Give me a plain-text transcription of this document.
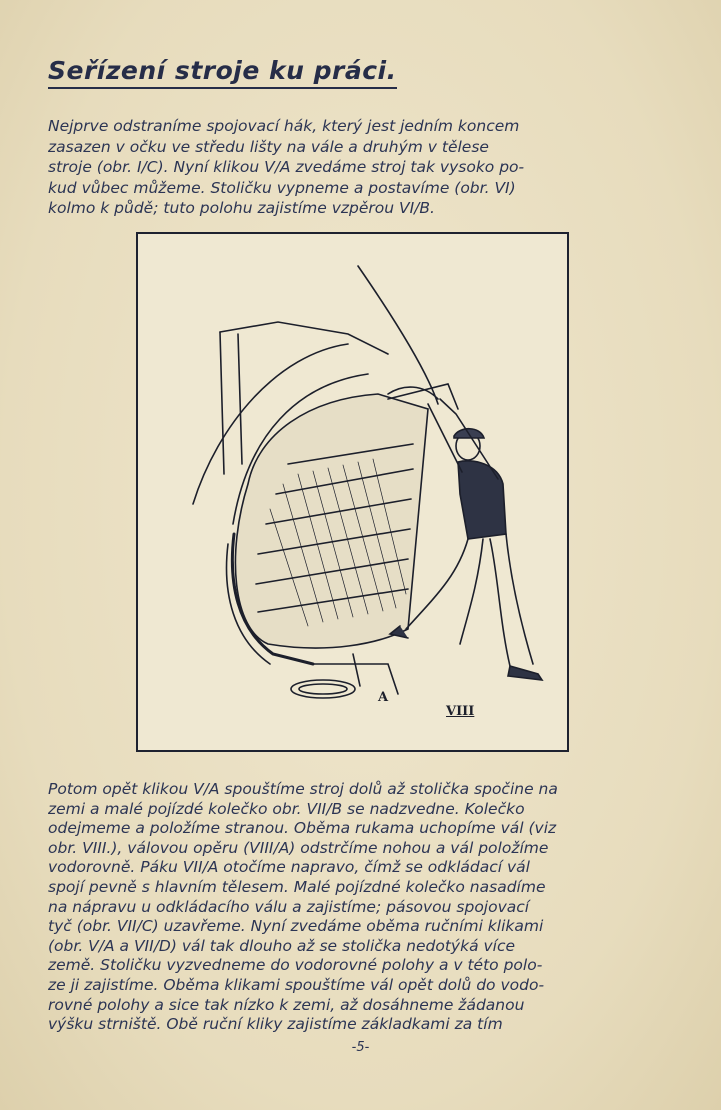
Seřízení stroje ku práci.
Nejprve odstraníme spojovací hák, který jest jedním koncem
zasazen v očku ve středu lišty na vále a druhým v tělese
stroje (obr. I/C). Nyní klikou V/A zvedáme stroj tak vysoko po-
kud vůbec můžeme. Stoličku vypneme a postavíme (obr. VI)
kolmo k půdě; tuto polohu zajistíme vzpěrou VI/B.
A
VIII
Potom opět klikou V/A spouštíme stroj dolů až stolička spočine na
zemi a malé pojízdé kolečko obr. VII/B se nadzvedne. Kolečko
odejmeme a položíme stranou. Oběma rukama uchopíme vál (viz
obr. VIII.), válovou opěru (VIII/A) odstrčíme nohou a vál položíme
vodorovně. Páku VII/A otočíme napravo, čímž se odkládací vál
spojí pevně s hlavním tělesem. Malé pojízdné kolečko nasadíme
na nápravu u odkládacího válu a zajistíme; pásovou spojovací
tyč (obr. VII/C) uzavřeme. Nyní zvedáme oběma ručními klikami
(obr. V/A a VII/D) vál tak dlouho až se stolička nedotýká více
země. Stoličku vyzvedneme do vodorovné polohy a v této polo-
ze ji zajistíme. Oběma klikami spouštíme vál opět dolů do vodo-
rovné polohy a sice tak nízko k zemi, až dosáhneme žádanou
výšku strniště. Obě ruční kliky zajistíme základkami za tím
-5-
